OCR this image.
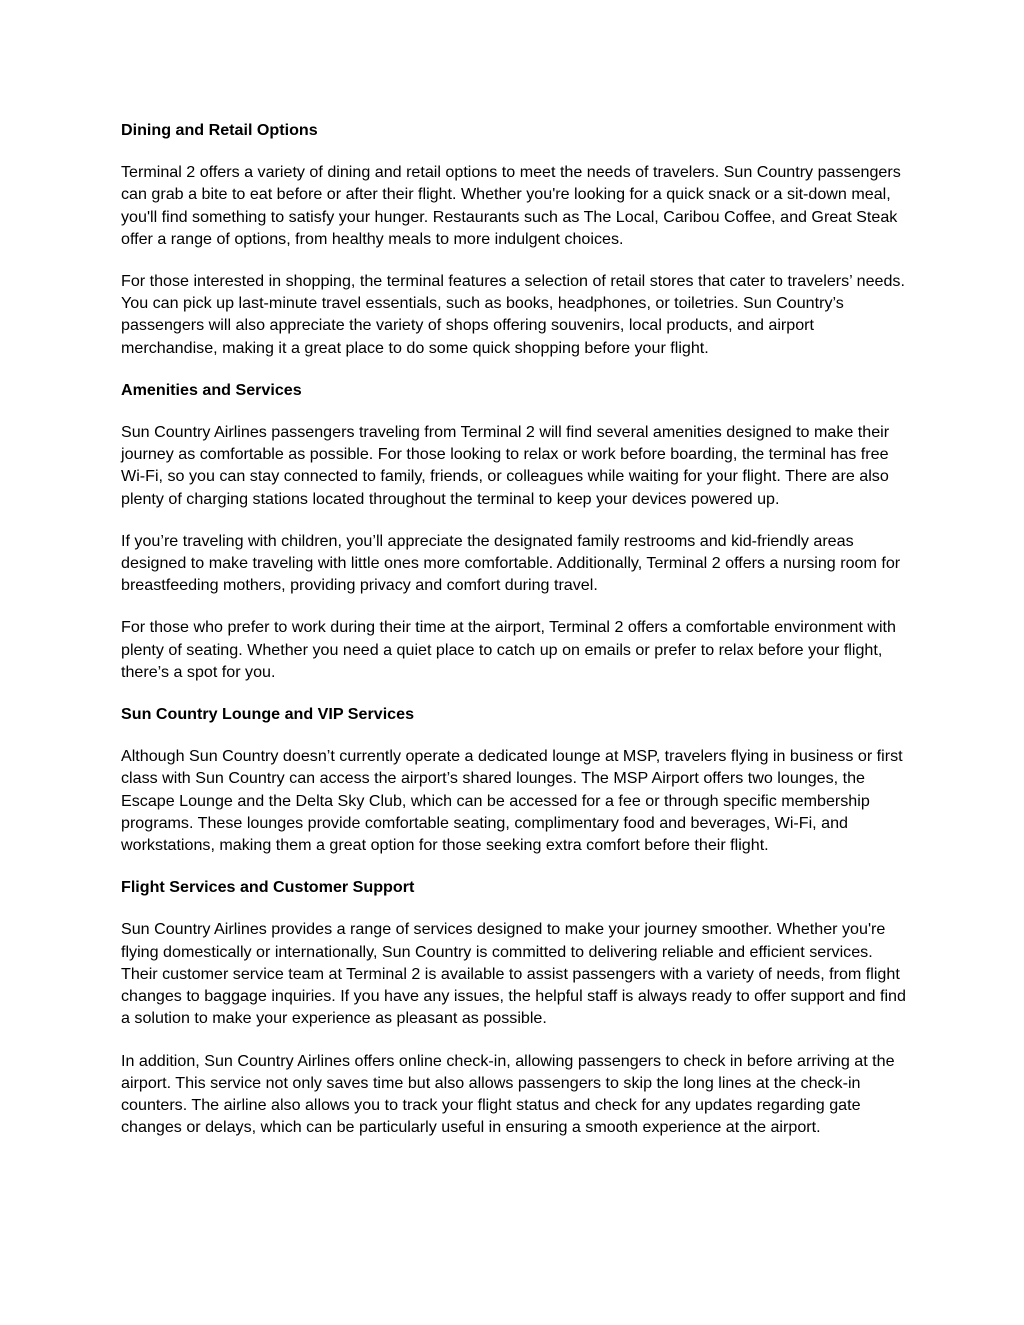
Dining and Retail Options

Terminal 2 offers a variety of dining and retail options to meet the needs of travelers. Sun Country passengers can grab a bite to eat before or after their flight. Whether you're looking for a quick snack or a sit-down meal, you'll find something to satisfy your hunger. Restaurants such as The Local, Caribou Coffee, and Great Steak offer a range of options, from healthy meals to more indulgent choices.

For those interested in shopping, the terminal features a selection of retail stores that cater to travelers’ needs. You can pick up last-minute travel essentials, such as books, headphones, or toiletries. Sun Country’s passengers will also appreciate the variety of shops offering souvenirs, local products, and airport merchandise, making it a great place to do some quick shopping before your flight.

Amenities and Services

Sun Country Airlines passengers traveling from Terminal 2 will find several amenities designed to make their journey as comfortable as possible. For those looking to relax or work before boarding, the terminal has free Wi-Fi, so you can stay connected to family, friends, or colleagues while waiting for your flight. There are also plenty of charging stations located throughout the terminal to keep your devices powered up.

If you’re traveling with children, you’ll appreciate the designated family restrooms and kid-friendly areas designed to make traveling with little ones more comfortable. Additionally, Terminal 2 offers a nursing room for breastfeeding mothers, providing privacy and comfort during travel.

For those who prefer to work during their time at the airport, Terminal 2 offers a comfortable environment with plenty of seating. Whether you need a quiet place to catch up on emails or prefer to relax before your flight, there’s a spot for you.

Sun Country Lounge and VIP Services

Although Sun Country doesn’t currently operate a dedicated lounge at MSP, travelers flying in business or first class with Sun Country can access the airport’s shared lounges. The MSP Airport offers two lounges, the Escape Lounge and the Delta Sky Club, which can be accessed for a fee or through specific membership programs. These lounges provide comfortable seating, complimentary food and beverages, Wi-Fi, and workstations, making them a great option for those seeking extra comfort before their flight.

Flight Services and Customer Support

Sun Country Airlines provides a range of services designed to make your journey smoother. Whether you're flying domestically or internationally, Sun Country is committed to delivering reliable and efficient services. Their customer service team at Terminal 2 is available to assist passengers with a variety of needs, from flight changes to baggage inquiries. If you have any issues, the helpful staff is always ready to offer support and find a solution to make your experience as pleasant as possible.

In addition, Sun Country Airlines offers online check-in, allowing passengers to check in before arriving at the airport. This service not only saves time but also allows passengers to skip the long lines at the check-in counters. The airline also allows you to track your flight status and check for any updates regarding gate changes or delays, which can be particularly useful in ensuring a smooth experience at the airport.
